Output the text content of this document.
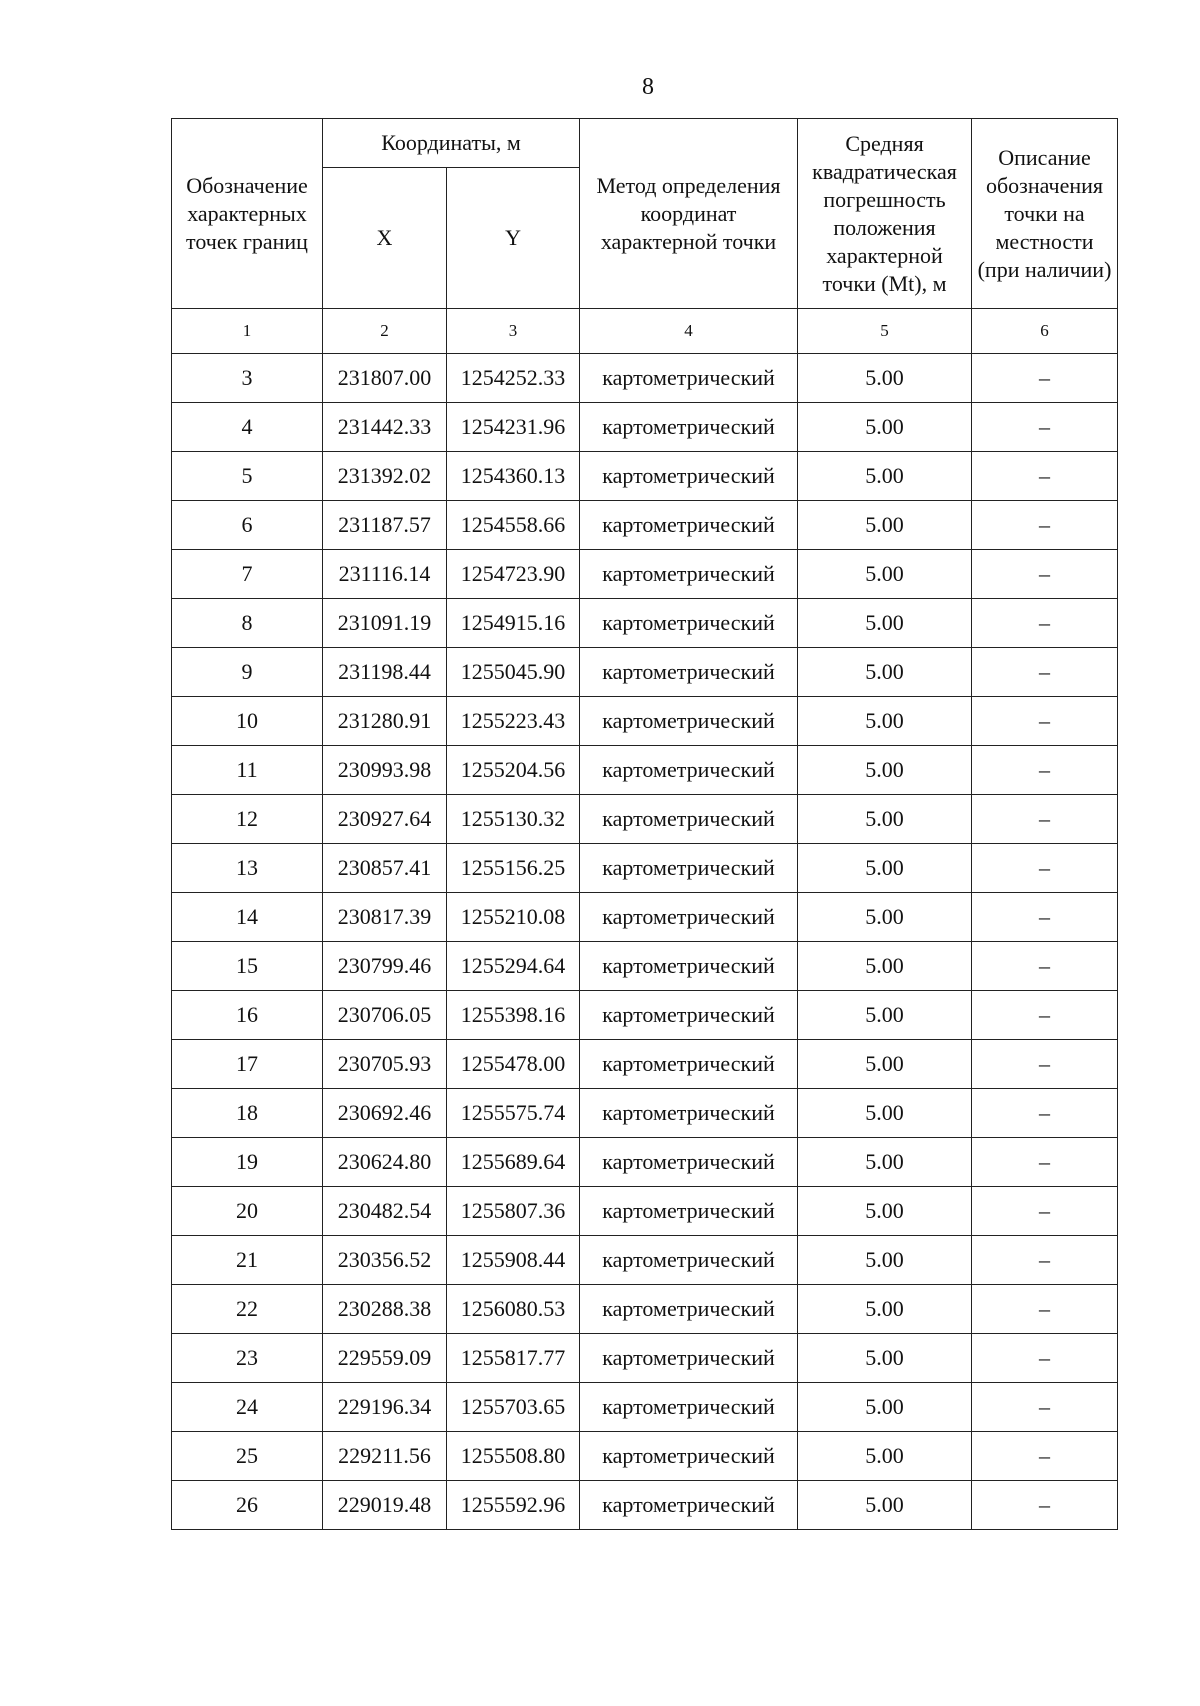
8
Обозначение характерных точек границ	Координаты, м		Метод определения координат характерной точки	Средняя квадратическая погрешность положения характерной точки (Mt), м	Описание обозначения точки на местности (при наличии)
	X	Y			
1	2	3	4	5	6
3	231807.00	1254252.33	картометрический	5.00	–
4	231442.33	1254231.96	картометрический	5.00	–
5	231392.02	1254360.13	картометрический	5.00	–
6	231187.57	1254558.66	картометрический	5.00	–
7	231116.14	1254723.90	картометрический	5.00	–
8	231091.19	1254915.16	картометрический	5.00	–
9	231198.44	1255045.90	картометрический	5.00	–
10	231280.91	1255223.43	картометрический	5.00	–
11	230993.98	1255204.56	картометрический	5.00	–
12	230927.64	1255130.32	картометрический	5.00	–
13	230857.41	1255156.25	картометрический	5.00	–
14	230817.39	1255210.08	картометрический	5.00	–
15	230799.46	1255294.64	картометрический	5.00	–
16	230706.05	1255398.16	картометрический	5.00	–
17	230705.93	1255478.00	картометрический	5.00	–
18	230692.46	1255575.74	картометрический	5.00	–
19	230624.80	1255689.64	картометрический	5.00	–
20	230482.54	1255807.36	картометрический	5.00	–
21	230356.52	1255908.44	картометрический	5.00	–
22	230288.38	1256080.53	картометрический	5.00	–
23	229559.09	1255817.77	картометрический	5.00	–
24	229196.34	1255703.65	картометрический	5.00	–
25	229211.56	1255508.80	картометрический	5.00	–
26	229019.48	1255592.96	картометрический	5.00	–
